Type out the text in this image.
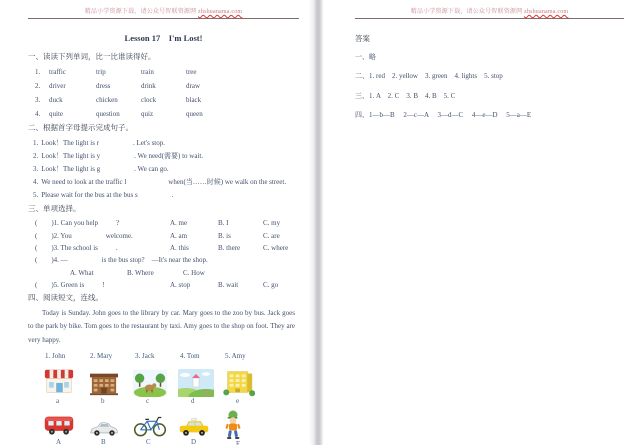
精品小学资源下载，请公众号智联资源网 zhshuanama.com
Lesson 17　I'm Lost!
一、读读下列单词，比一比谁读得好。
1.	traffic	trip	train	tree
2.	driver	dress	drink	draw
3.	duck	chicken	clock	black
4.	quite	question	quiz	queen
二、根据首字母提示完成句子。
1. Look！The light is r	. Let's stop.
2. Look！The light is y	. We need(需要) to wait.
3. Look！The light is g	. We can go.
4. We need to look at the traffic l	when(当……时候) we walk on the street.
5. Please wait for the bus at the bus s	.
三、单项选择。
(　　)1. Can you help	?	A. me	B. I	C. my
(　　)2. You	welcome.	A. am	B. is	C. are
(　　)3. The school is	.	A. this	B. there	C. where
(　　)4. —	is the bus stop?　—It's near the shop.
A. What	B. Where	C. How
(　　)5. Green is	!	A. stop	B. wait	C. go
四、阅读短文，连线。
Today is Sunday. John goes to the library by car. Mary goes to the zoo by bus. Jack goes to the park by bike. Tom goes to the restaurant by taxi. Amy goes to the shop on foot. They are very happy.
1. John	2. Mary	3. Jack	4. Tom	5. Amy
a	b	c	d	e
A	B	C	D	E
精品小学资源下载，请公众号智联资源网 zhshuanama.com
答案
一、略
二、1. red　2. yellow　3. green　4. lights　5. stop
三、1. A　2. C　3. B　4. B　5. C
四、1—b—B　 2—c—A　 3—d—C　 4—e—D　 5—a—E
